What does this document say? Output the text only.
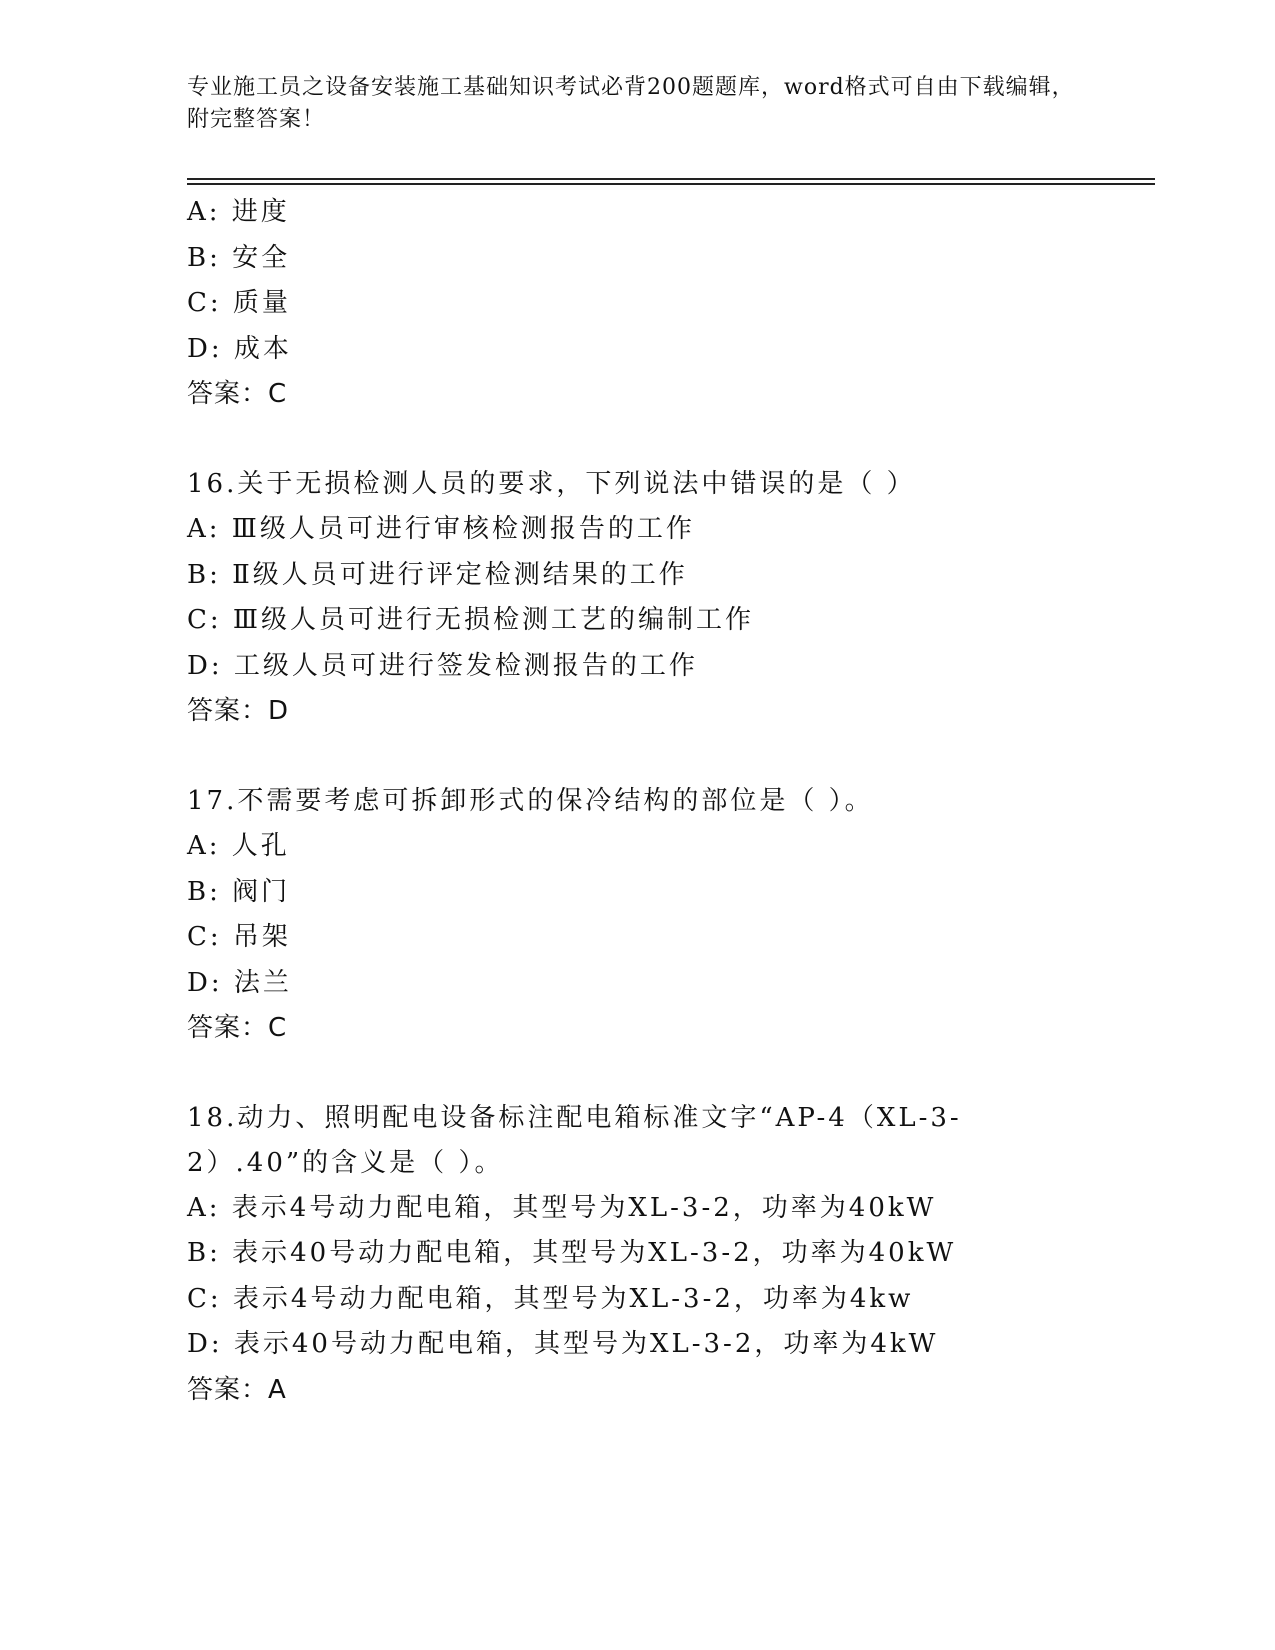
专业施工员之设备安装施工基础知识考试必背200题题库，word格式可自由下载编辑，附完整答案！
A: 进度
B: 安全
C: 质量
D: 成本
答案：C
16.关于无损检测人员的要求，下列说法中错误的是（ ）
A: Ⅲ级人员可进行审核检测报告的工作
B: Ⅱ级人员可进行评定检测结果的工作
C: Ⅲ级人员可进行无损检测工艺的编制工作
D: 工级人员可进行签发检测报告的工作
答案：D
17.不需要考虑可拆卸形式的保冷结构的部位是（ ）。
A: 人孔
B: 阀门
C: 吊架
D: 法兰
答案：C
18.动力、照明配电设备标注配电箱标准文字“AP-4（XL-3-2）.40”的含义是（ ）。
A: 表示4号动力配电箱，其型号为XL-3-2，功率为40kW
B: 表示40号动力配电箱，其型号为XL-3-2，功率为40kW
C: 表示4号动力配电箱，其型号为XL-3-2，功率为4kw
D: 表示40号动力配电箱，其型号为XL-3-2，功率为4kW
答案：A
